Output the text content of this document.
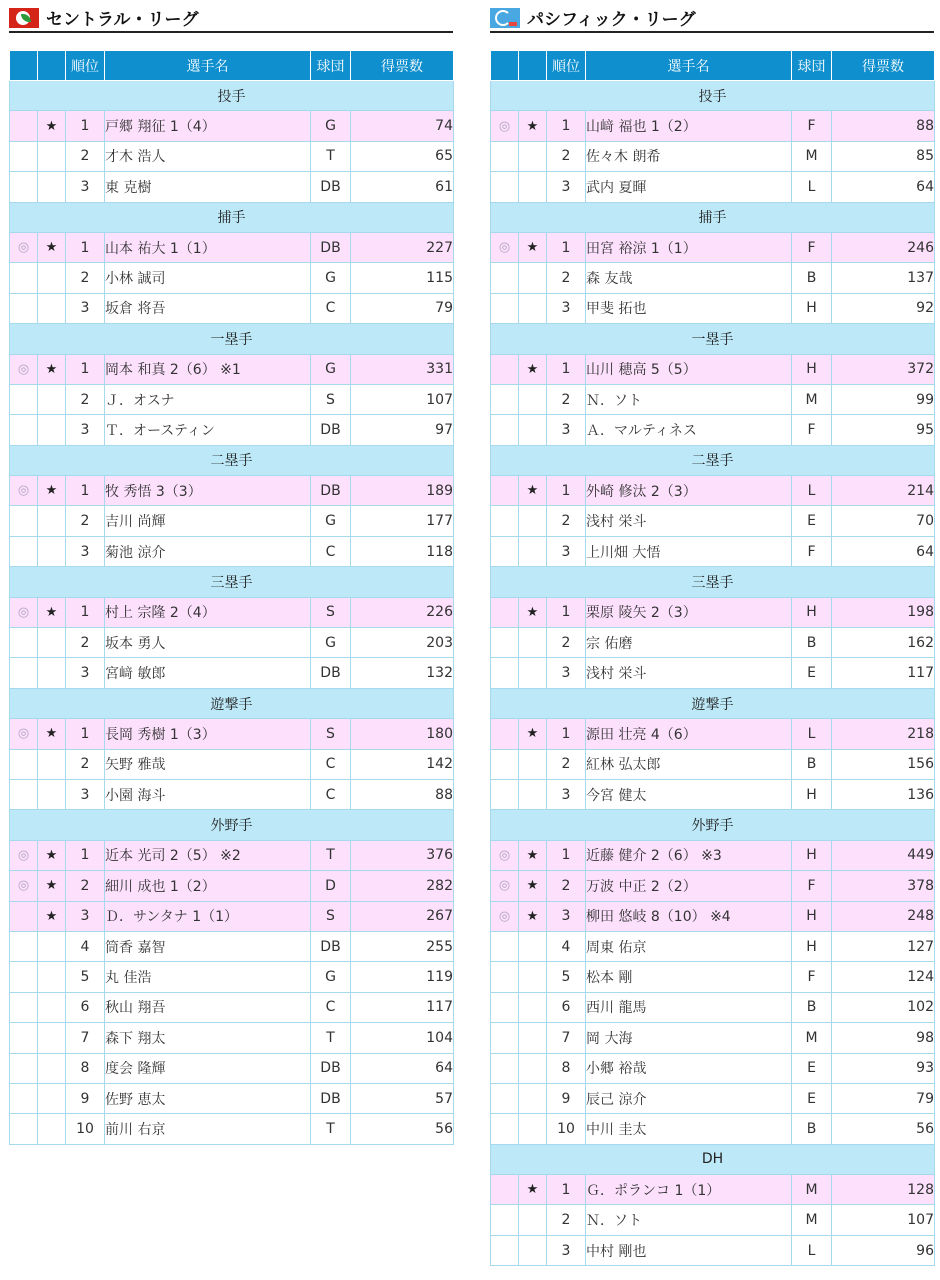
セントラル・リーグ
		順位	選手名	球団	得票数
投手					
	★	1	戸郷 翔征 1（4）	G	74
		2	才木 浩人	T	65
		3	東 克樹	DB	61
捕手					
◎	★	1	山本 祐大 1（1）	DB	227
		2	小林 誠司	G	115
		3	坂倉 将吾	C	79
一塁手					
◎	★	1	岡本 和真 2（6） ※1	G	331
		2	Ｊ．オスナ	S	107
		3	Ｔ．オースティン	DB	97
二塁手					
◎	★	1	牧 秀悟 3（3）	DB	189
		2	吉川 尚輝	G	177
		3	菊池 涼介	C	118
三塁手					
◎	★	1	村上 宗隆 2（4）	S	226
		2	坂本 勇人	G	203
		3	宮﨑 敏郎	DB	132
遊撃手					
◎	★	1	長岡 秀樹 1（3）	S	180
		2	矢野 雅哉	C	142
		3	小園 海斗	C	88
外野手					
◎	★	1	近本 光司 2（5） ※2	T	376
◎	★	2	細川 成也 1（2）	D	282
	★	3	Ｄ．サンタナ 1（1）	S	267
		4	筒香 嘉智	DB	255
		5	丸 佳浩	G	119
		6	秋山 翔吾	C	117
		7	森下 翔太	T	104
		8	度会 隆輝	DB	64
		9	佐野 恵太	DB	57
		10	前川 右京	T	56
パシフィック・リーグ
		順位	選手名	球団	得票数
投手					
◎	★	1	山﨑 福也 1（2）	F	88
		2	佐々木 朗希	M	85
		3	武内 夏暉	L	64
捕手					
◎	★	1	田宮 裕涼 1（1）	F	246
		2	森 友哉	B	137
		3	甲斐 拓也	H	92
一塁手					
	★	1	山川 穂高 5（5）	H	372
		2	Ｎ．ソト	M	99
		3	Ａ．マルティネス	F	95
二塁手					
	★	1	外崎 修汰 2（3）	L	214
		2	浅村 栄斗	E	70
		3	上川畑 大悟	F	64
三塁手					
	★	1	栗原 陵矢 2（3）	H	198
		2	宗 佑磨	B	162
		3	浅村 栄斗	E	117
遊撃手					
	★	1	源田 壮亮 4（6）	L	218
		2	紅林 弘太郎	B	156
		3	今宮 健太	H	136
外野手					
◎	★	1	近藤 健介 2（6） ※3	H	449
◎	★	2	万波 中正 2（2）	F	378
◎	★	3	柳田 悠岐 8（10） ※4	H	248
		4	周東 佑京	H	127
		5	松本 剛	F	124
		6	西川 龍馬	B	102
		7	岡 大海	M	98
		8	小郷 裕哉	E	93
		9	辰己 涼介	E	79
		10	中川 圭太	B	56
DH					
	★	1	Ｇ．ポランコ 1（1）	M	128
		2	Ｎ．ソト	M	107
		3	中村 剛也	L	96
